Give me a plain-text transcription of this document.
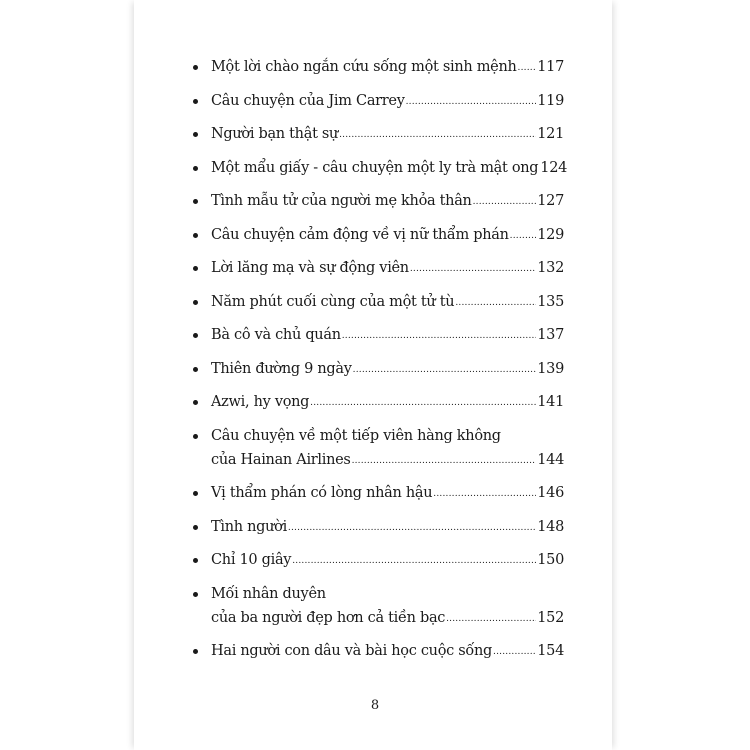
Một lời chào ngắn cứu sống một sinh mệnh ..... 117
Câu chuyện của Jim Carrey .....	119
Người bạn thật sự .....	121
Một mẩu giấy - câu chuyện một ly trà mật ong 124
Tình mẫu tử của người mẹ khỏa thân .....	127
Câu chuyện cảm động về vị nữ thẩm phán ..... 129
Lời lăng mạ và sự động viên .....	132
Năm phút cuối cùng của một tử tù .....	135
Bà cô và chủ quán .....	137
Thiên đường 9 ngày .....	139
Azwi, hy vọng .....	141
Câu chuyện về một tiếp viên hàng không
của Hainan Airlines .....	144
Vị thẩm phán có lòng nhân hậu .....	146
Tình người .....	148
Chỉ 10 giây .....	150
Mối nhân duyên
của ba người đẹp hơn cả tiền bạc .....	152
Hai người con dâu và bài học cuộc sống .....	154
8
